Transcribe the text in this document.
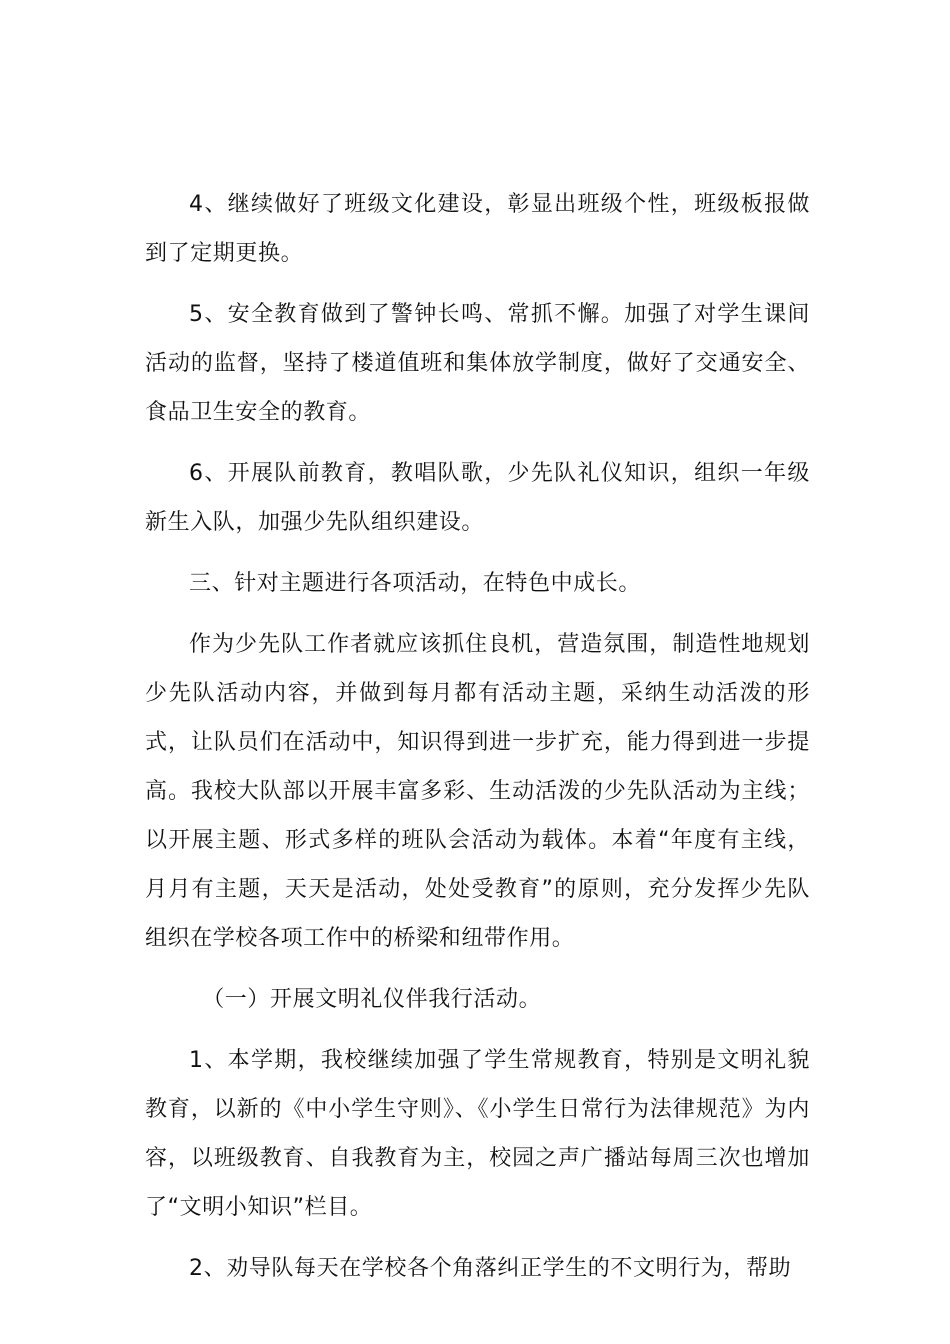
4、继续做好了班级文化建设，彰显出班级个性，班级板报做到了定期更换。

5、安全教育做到了警钟长鸣、常抓不懈。加强了对学生课间活动的监督，坚持了楼道值班和集体放学制度，做好了交通安全、食品卫生安全的教育。

6、开展队前教育，教唱队歌，少先队礼仪知识，组织一年级新生入队，加强少先队组织建设。

三、针对主题进行各项活动，在特色中成长。

作为少先队工作者就应该抓住良机，营造氛围，制造性地规划少先队活动内容，并做到每月都有活动主题，采纳生动活泼的形式，让队员们在活动中，知识得到进一步扩充，能力得到进一步提高。我校大队部以开展丰富多彩、生动活泼的少先队活动为主线；以开展主题、形式多样的班队会活动为载体。本着“年度有主线，月月有主题，天天是活动，处处受教育”的原则，充分发挥少先队组织在学校各项工作中的桥梁和纽带作用。

（一）开展文明礼仪伴我行活动。

1、本学期，我校继续加强了学生常规教育，特别是文明礼貌教育，以新的《中小学生守则》、《小学生日常行为法律规范》为内容，以班级教育、自我教育为主，校园之声广播站每周三次也增加了“文明小知识”栏目。

2、劝导队每天在学校各个角落纠正学生的不文明行为，帮助
